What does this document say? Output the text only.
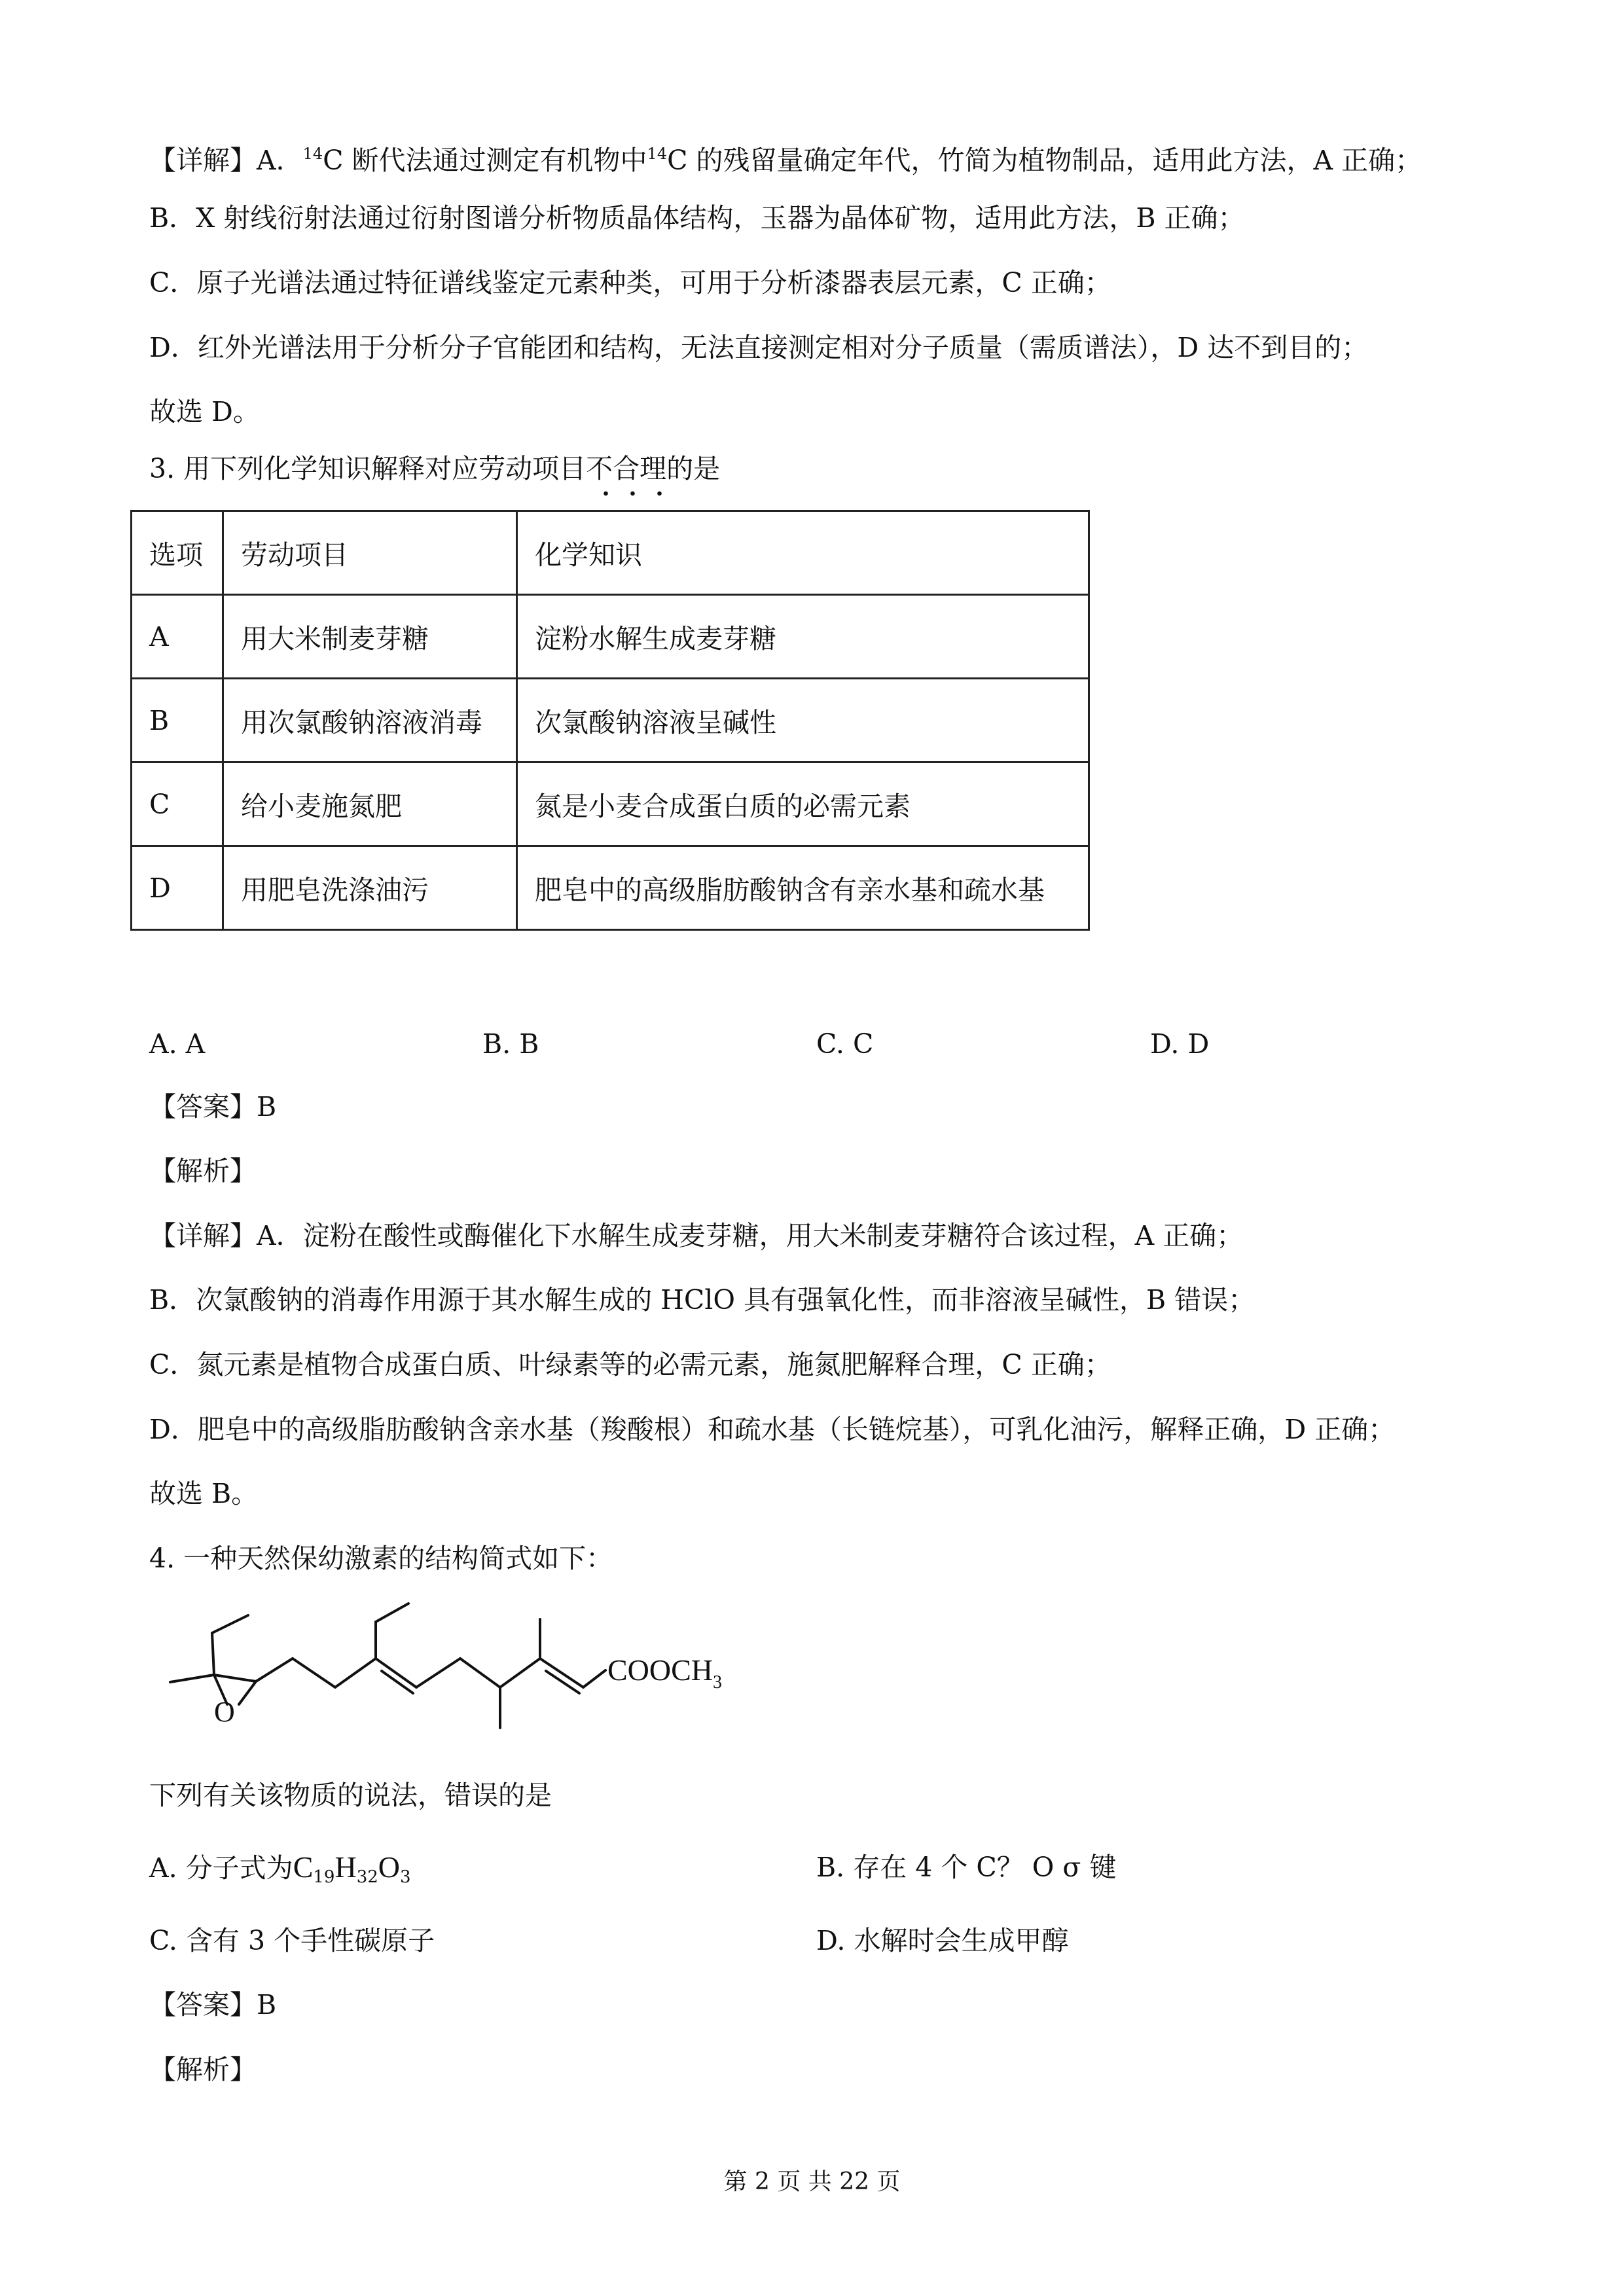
【详解】A．$^{14}$C 断代法通过测定有机物中$^{14}$C 的残留量确定年代，竹简为植物制品，适用此方法，A 正确；
B．X 射线衍射法通过衍射图谱分析物质晶体结构，玉器为晶体矿物，适用此方法，B 正确；
C．原子光谱法通过特征谱线鉴定元素种类，可用于分析漆器表层元素，C 正确；
D．红外光谱法用于分析分子官能团和结构，无法直接测定相对分子质量（需质谱法），D 达不到目的；
故选 D。
3. 用下列化学知识解释对应劳动项目不合理的是
选项	劳动项目	化学知识
A	用大米制麦芽糖	淀粉水解生成麦芽糖
B	用次氯酸钠溶液消毒	次氯酸钠溶液呈碱性
C	给小麦施氮肥	氮是小麦合成蛋白质的必需元素
D	用肥皂洗涤油污	肥皂中的高级脂肪酸钠含有亲水基和疏水基
A. A	B. B	C. C	D. D
【答案】B
【解析】
【详解】A．淀粉在酸性或酶催化下水解生成麦芽糖，用大米制麦芽糖符合该过程，A 正确；
B．次氯酸钠的消毒作用源于其水解生成的 HClO 具有强氧化性，而非溶液呈碱性，B 错误；
C．氮元素是植物合成蛋白质、叶绿素等的必需元素，施氮肥解释合理，C 正确；
D．肥皂中的高级脂肪酸钠含亲水基（羧酸根）和疏水基（长链烷基），可乳化油污，解释正确，D 正确；
故选 B。
4. 一种天然保幼激素的结构简式如下：
O
$COOCH_3$
下列有关该物质的说法，错误的是
A. 分子式为$C_{19}H_{32}O_3$	B. 存在 4 个 C？ O σ 键
C. 含有 3 个手性碳原子	D. 水解时会生成甲醇
【答案】B
【解析】
第 2 页 共 22 页
